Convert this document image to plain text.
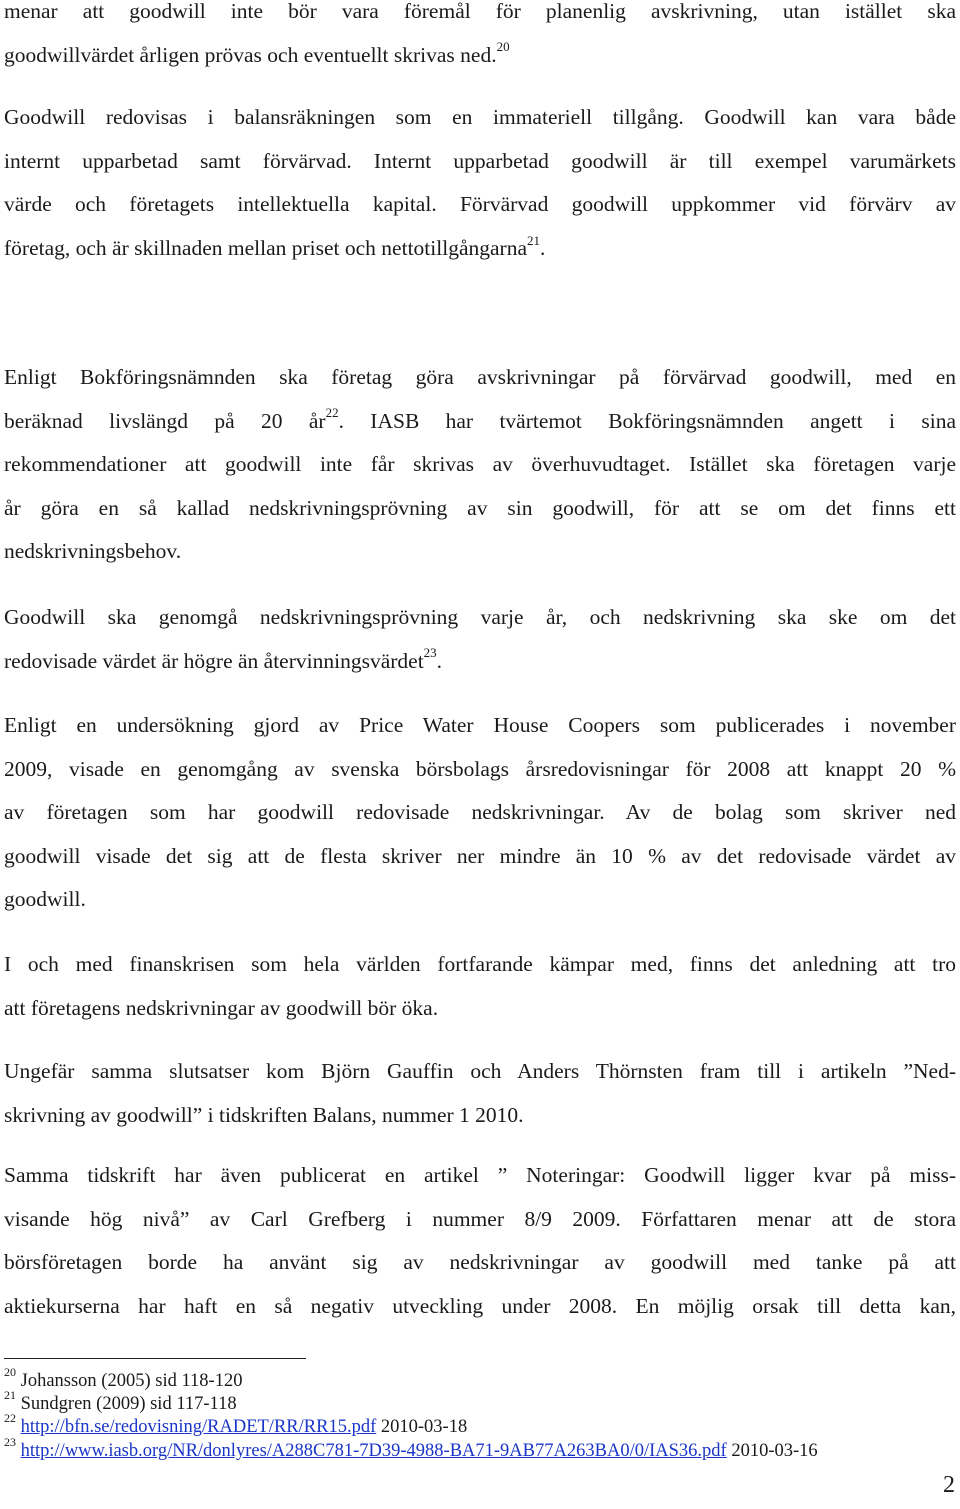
menar att goodwill inte bör vara föremål för planenlig avskrivning, utan istället ska
goodwillvärdet årligen prövas och eventuellt skrivas ned.$^{20}$
Goodwill redovisas i balansräkningen som en immateriell tillgång. Goodwill kan vara både
internt upparbetad samt förvärvad. Internt upparbetad goodwill är till exempel varumärkets
värde och företagets intellektuella kapital. Förvärvad goodwill uppkommer vid förvärv av
företag, och är skillnaden mellan priset och nettotillgångarna$^{21}$.
Enligt Bokföringsnämnden ska företag göra avskrivningar på förvärvad goodwill, med en
beräknad livslängd på 20 $år^{22}$. IASB har tvärtemot Bokföringsnämnden angett i sina
rekommendationer att goodwill inte får skrivas av överhuvudtaget. Istället ska företagen varje
år göra en så kallad nedskrivningsprövning av sin goodwill, för att se om det finns ett
nedskrivningsbehov.
Goodwill ska genomgå nedskrivningsprövning varje år, och nedskrivning ska ske om det
redovisade värdet är högre än återvinningsvärdet$^{23}$.
Enligt en undersökning gjord av Price Water House Coopers som publicerades i november
2009, visade en genomgång av svenska börsbolags årsredovisningar för 2008 att knappt 20 %
av företagen som har goodwill redovisade nedskrivningar. Av de bolag som skriver ned
goodwill visade det sig att de flesta skriver ner mindre än 10 % av det redovisade värdet av
goodwill.
I och med finanskrisen som hela världen fortfarande kämpar med, finns det anledning att tro
att företagens nedskrivningar av goodwill bör öka.
Ungefär samma slutsatser kom Björn Gauffin och Anders Thörnsten fram till i artikeln ”Ned-
skrivning av goodwill” i tidskriften Balans, nummer 1 2010.
Samma tidskrift har även publicerat en artikel ” Noteringar: Goodwill ligger kvar på miss-
visande hög nivå” av Carl Grefberg i nummer 8/9 2009. Författaren menar att de stora
börsföretagen borde ha använt sig av nedskrivningar av goodwill med tanke på att
aktiekurserna har haft en så negativ utveckling under 2008. En möjlig orsak till detta kan,
$^{20}$ Johansson (2005) sid 118-120
$^{21}$ Sundgren (2009) sid 117-118
$^{22}$ http://bfn.se/redovisning/RADET/RR/RR15.pdf 2010-03-18
$^{23}$ http://www.iasb.org/NR/donlyres/A288C781-7D39-4988-BA71-9AB77A263BA0/0/IAS36.pdf 2010-03-16
2
